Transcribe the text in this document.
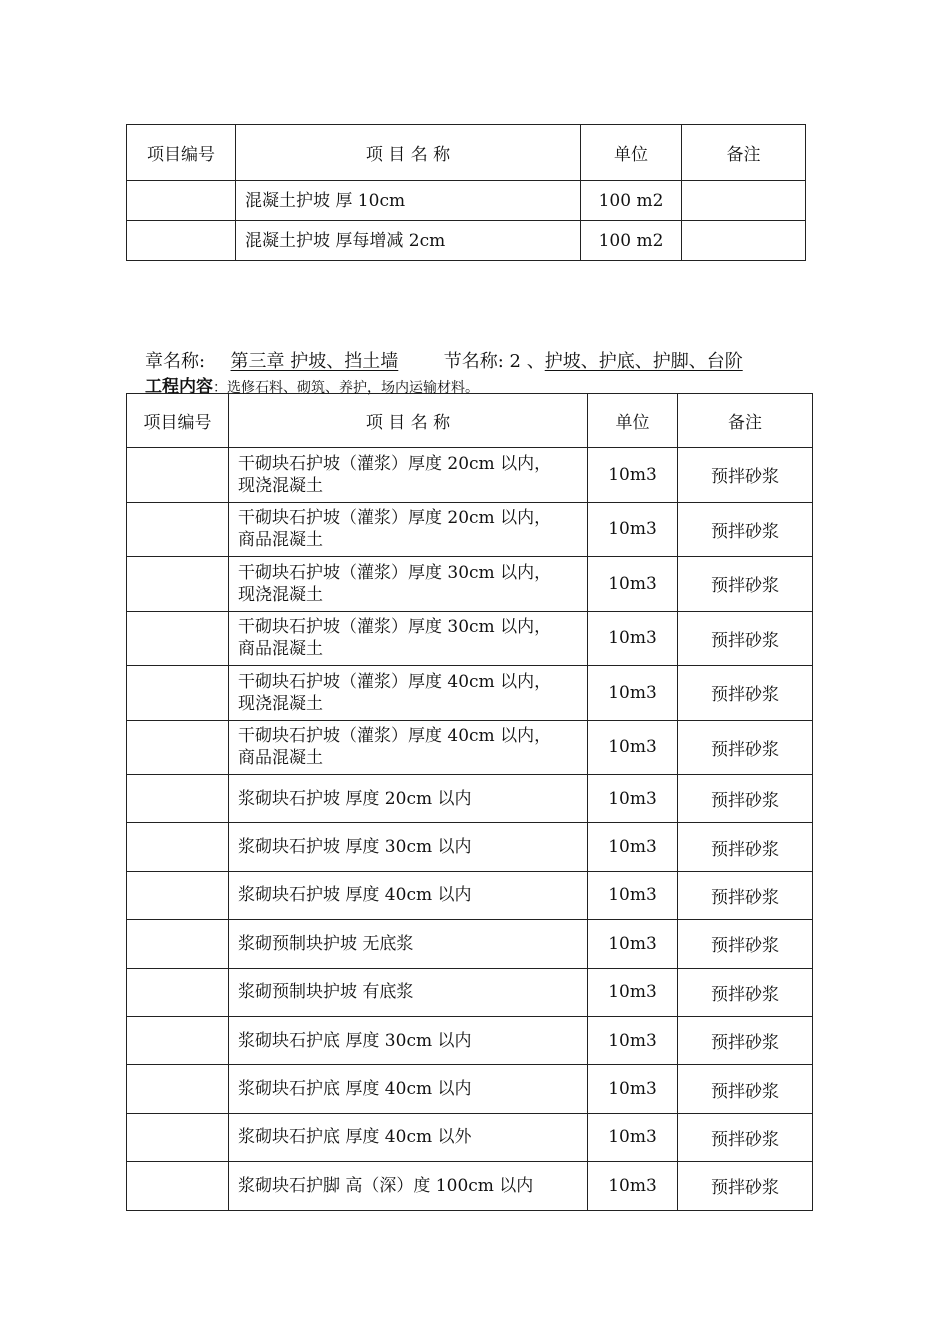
项目编号	项 目 名 称	单位	备注
	混凝土护坡 厚 10cm	100 m2	
	混凝土护坡 厚每增减 2cm	100 m2	
章名称: 第三章 护坡、挡土墙	节名称: 2 、护坡、护底、护脚、台阶
工程内容：选修石料、砌筑、养护，场内运输材料。
项目编号	项 目 名 称	单位	备注

	干砌块石护坡（灌浆）厚度 20cm 以内，
现浇混凝土	10m3	预拌砂浆

	干砌块石护坡（灌浆）厚度 20cm 以内，
商品混凝土	10m3	预拌砂浆

	干砌块石护坡（灌浆）厚度 30cm 以内，
现浇混凝土	10m3	预拌砂浆

	干砌块石护坡（灌浆）厚度 30cm 以内，
商品混凝土	10m3	预拌砂浆

	干砌块石护坡（灌浆）厚度 40cm 以内，
现浇混凝土	10m3	预拌砂浆

	干砌块石护坡（灌浆）厚度 40cm 以内，
商品混凝土	10m3	预拌砂浆

	浆砌块石护坡 厚度 20cm 以内	10m3	预拌砂浆

	浆砌块石护坡 厚度 30cm 以内	10m3	预拌砂浆

	浆砌块石护坡 厚度 40cm 以内	10m3	预拌砂浆

	浆砌预制块护坡 无底浆	10m3	预拌砂浆

	浆砌预制块护坡 有底浆	10m3	预拌砂浆

	浆砌块石护底 厚度 30cm 以内	10m3	预拌砂浆

	浆砌块石护底 厚度 40cm 以内	10m3	预拌砂浆

	浆砌块石护底 厚度 40cm 以外	10m3	预拌砂浆

	浆砌块石护脚 高（深）度 100cm 以内	10m3	预拌砂浆
